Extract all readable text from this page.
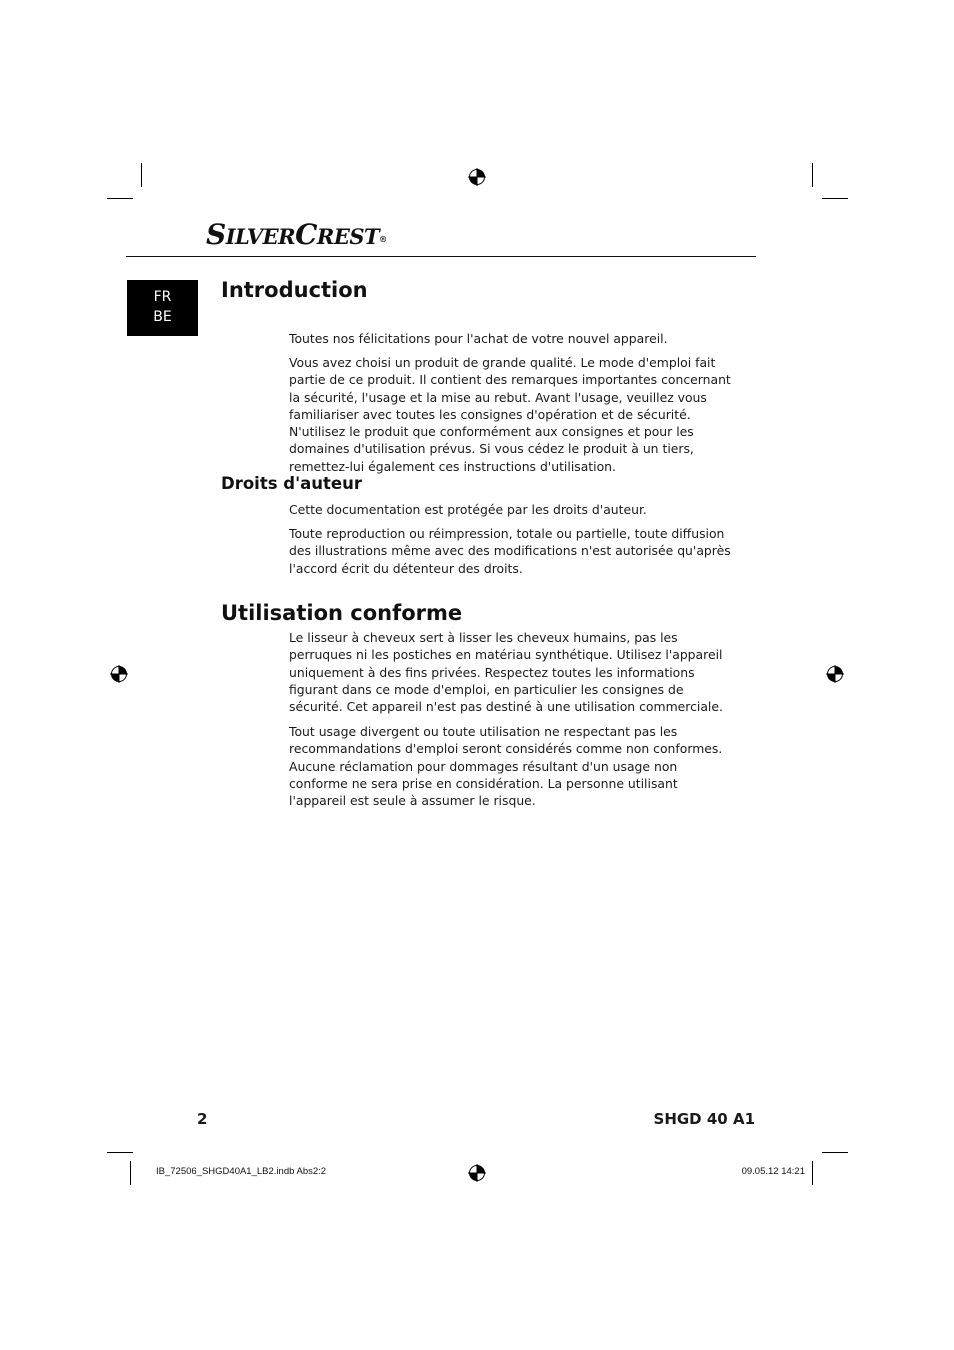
SILVERCREST®
FR
BE
Introduction

Toutes nos félicitations pour l'achat de votre nouvel appareil.

Vous avez choisi un produit de grande qualité. Le mode d'emploi fait partie de ce produit. Il contient des remarques importantes concernant la sécurité, l'usage et la mise au rebut. Avant l'usage, veuillez vous familiariser avec toutes les consignes d'opération et de sécurité. N'utilisez le produit que conformément aux consignes et pour les domaines d'utilisation prévus. Si vous cédez le produit à un tiers, remettez-lui également ces instructions d'utilisation.

Droits d'auteur

Cette documentation est protégée par les droits d'auteur.

Toute reproduction ou réimpression, totale ou partielle, toute diffusion des illustrations même avec des modifications n'est autorisée qu'après l'accord écrit du détenteur des droits.

Utilisation conforme

Le lisseur à cheveux sert à lisser les cheveux humains, pas les perruques ni les postiches en matériau synthétique. Utilisez l'appareil uniquement à des fins privées. Respectez toutes les informations figurant dans ce mode d'emploi, en particulier les consignes de sécurité. Cet appareil n'est pas destiné à une utilisation commerciale.

Tout usage divergent ou toute utilisation ne respectant pas les recommandations d'emploi seront considérés comme non conformes. Aucune réclamation pour dommages résultant d'un usage non conforme ne sera prise en considération. La personne utilisant l'appareil est seule à assumer le risque.

2	SHGD 40 A1
IB_72506_SHGD40A1_LB2.indb Abs2:2	09.05.12 14:21
